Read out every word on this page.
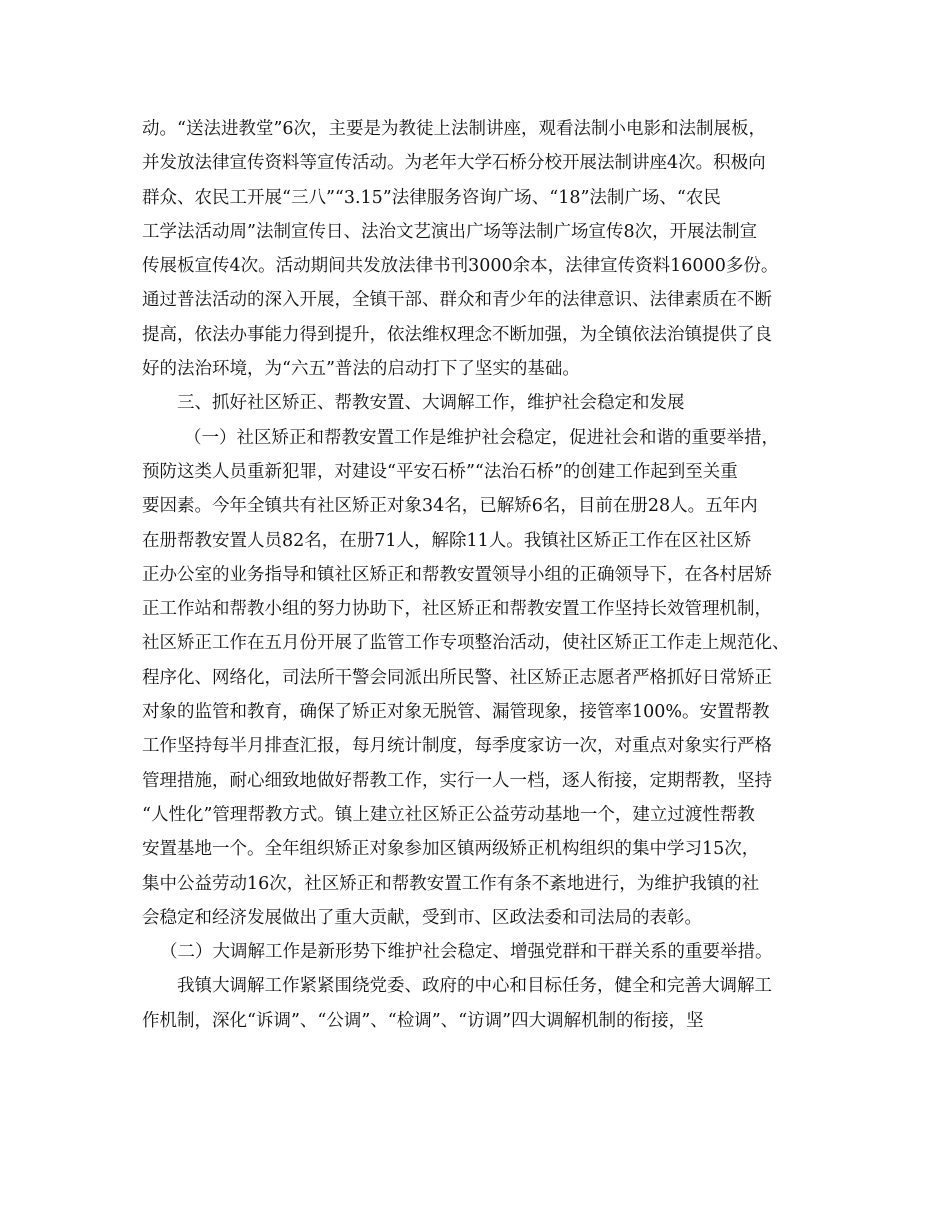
动。“送法进教堂”6次，主要是为教徒上法制讲座，观看法制小电影和法制展板，
并发放法律宣传资料等宣传活动。为老年大学石桥分校开展法制讲座4次。积极向
群众、农民工开展“三八”“3.15”法律服务咨询广场、“18”法制广场、“农民
工学法活动周”法制宣传日、法治文艺演出广场等法制广场宣传8次，开展法制宣
传展板宣传4次。活动期间共发放法律书刊3000余本，法律宣传资料16000多份。
通过普法活动的深入开展，全镇干部、群众和青少年的法律意识、法律素质在不断
提高，依法办事能力得到提升，依法维权理念不断加强，为全镇依法治镇提供了良
好的法治环境，为“六五”普法的启动打下了坚实的基础。
三、抓好社区矫正、帮教安置、大调解工作，维护社会稳定和发展
（一）社区矫正和帮教安置工作是维护社会稳定，促进社会和谐的重要举措，
预防这类人员重新犯罪，对建设“平安石桥”“法治石桥”的创建工作起到至关重
要因素。今年全镇共有社区矫正对象34名，已解矫6名，目前在册28人。五年内
在册帮教安置人员82名，在册71人，解除11人。我镇社区矫正工作在区社区矫
正办公室的业务指导和镇社区矫正和帮教安置领导小组的正确领导下，在各村居矫
正工作站和帮教小组的努力协助下，社区矫正和帮教安置工作坚持长效管理机制，
社区矫正工作在五月份开展了监管工作专项整治活动，使社区矫正工作走上规范化、
程序化、网络化，司法所干警会同派出所民警、社区矫正志愿者严格抓好日常矫正
对象的监管和教育，确保了矫正对象无脱管、漏管现象，接管率100%。安置帮教
工作坚持每半月排查汇报，每月统计制度，每季度家访一次，对重点对象实行严格
管理措施，耐心细致地做好帮教工作，实行一人一档，逐人衔接，定期帮教，坚持
“人性化”管理帮教方式。镇上建立社区矫正公益劳动基地一个，建立过渡性帮教
安置基地一个。全年组织矫正对象参加区镇两级矫正机构组织的集中学习15次，
集中公益劳动16次，社区矫正和帮教安置工作有条不紊地进行，为维护我镇的社
会稳定和经济发展做出了重大贡献，受到市、区政法委和司法局的表彰。
（二）大调解工作是新形势下维护社会稳定、增强党群和干群关系的重要举措。
我镇大调解工作紧紧围绕党委、政府的中心和目标任务，健全和完善大调解工
作机制，深化“诉调”、“公调”、“检调”、“访调”四大调解机制的衔接，坚
